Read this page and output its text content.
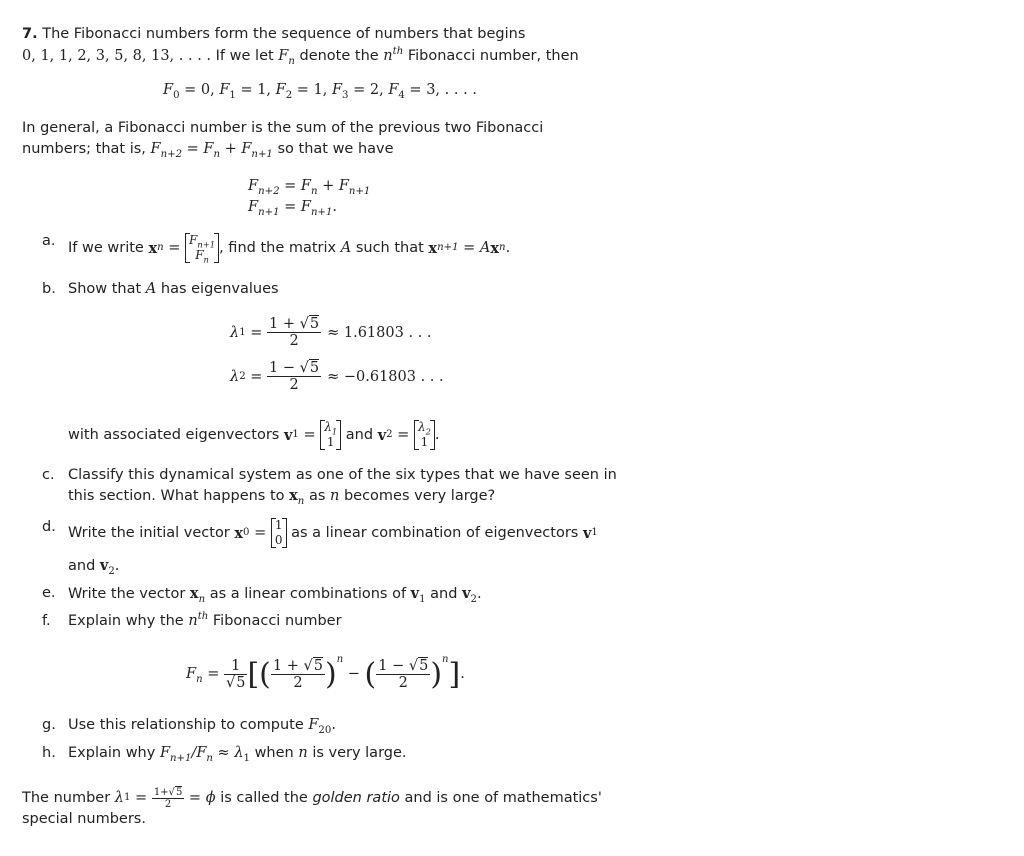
7. The Fibonacci numbers form the sequence of numbers that begins
0, 1, 1, 2, 3, 5, 8, 13, . . . . If we let $F_n$ denote the $n^{th}$ Fibonacci number, then
$F_0 = 0$, $F_1 = 1$, $F_2 = 1$, $F_3 = 2$, $F_4 = 3$, . . . .
In general, a Fibonacci number is the sum of the previous two Fibonacci
numbers; that is, $F_{n+2} = F_n + F_{n+1}$ so that we have
$F_{n+2} = F_n + F_{n+1}$
$F_{n+1} = F_{n+1}$.
a. If we write
x $n = F_{n+1}$
$F_n$
, find the matrix
A
such that
x n+1 = A x n .
b. Show that A has eigenvalues
λ $1 = \frac{1 + √5}{2} \approx 1.61803$ . . .
λ $2 = \frac{1 - √5}{2} \approx -0.61803$ . . .
with associated eigenvectors
v $1 = \lambda_1$
1
and
v $2 = \lambda_2$
1 .
c. Classify this dynamical system as one of the six types that we have seen in
this section. What happens to $x_n$ as n becomes very large?
d. Write the initial vector
x 0 = 1
0
as a linear combination of eigenvectors
v 1
and $v_2$.
e. Write the vector $x_n$ as a linear combinations of $v_1$ and $v_2$.
f. Explain why the $n^{th}$ Fibonacci number
$F_n = \frac{1}{√5}$ [ ( $\frac{1 + √5}{2} )^n$
− ( $\frac{1 - √5}{2} )^n$ ] .
g. Use this relationship to compute $F_{20}$.
h. Explain why $F_{n+1}/F_n \approx \lambda_1$ when n is very large.
The number
λ $1 = \frac{1+√5}{2} = \phi$
is called the
golden ratio
and is one of mathematics'
special numbers.
